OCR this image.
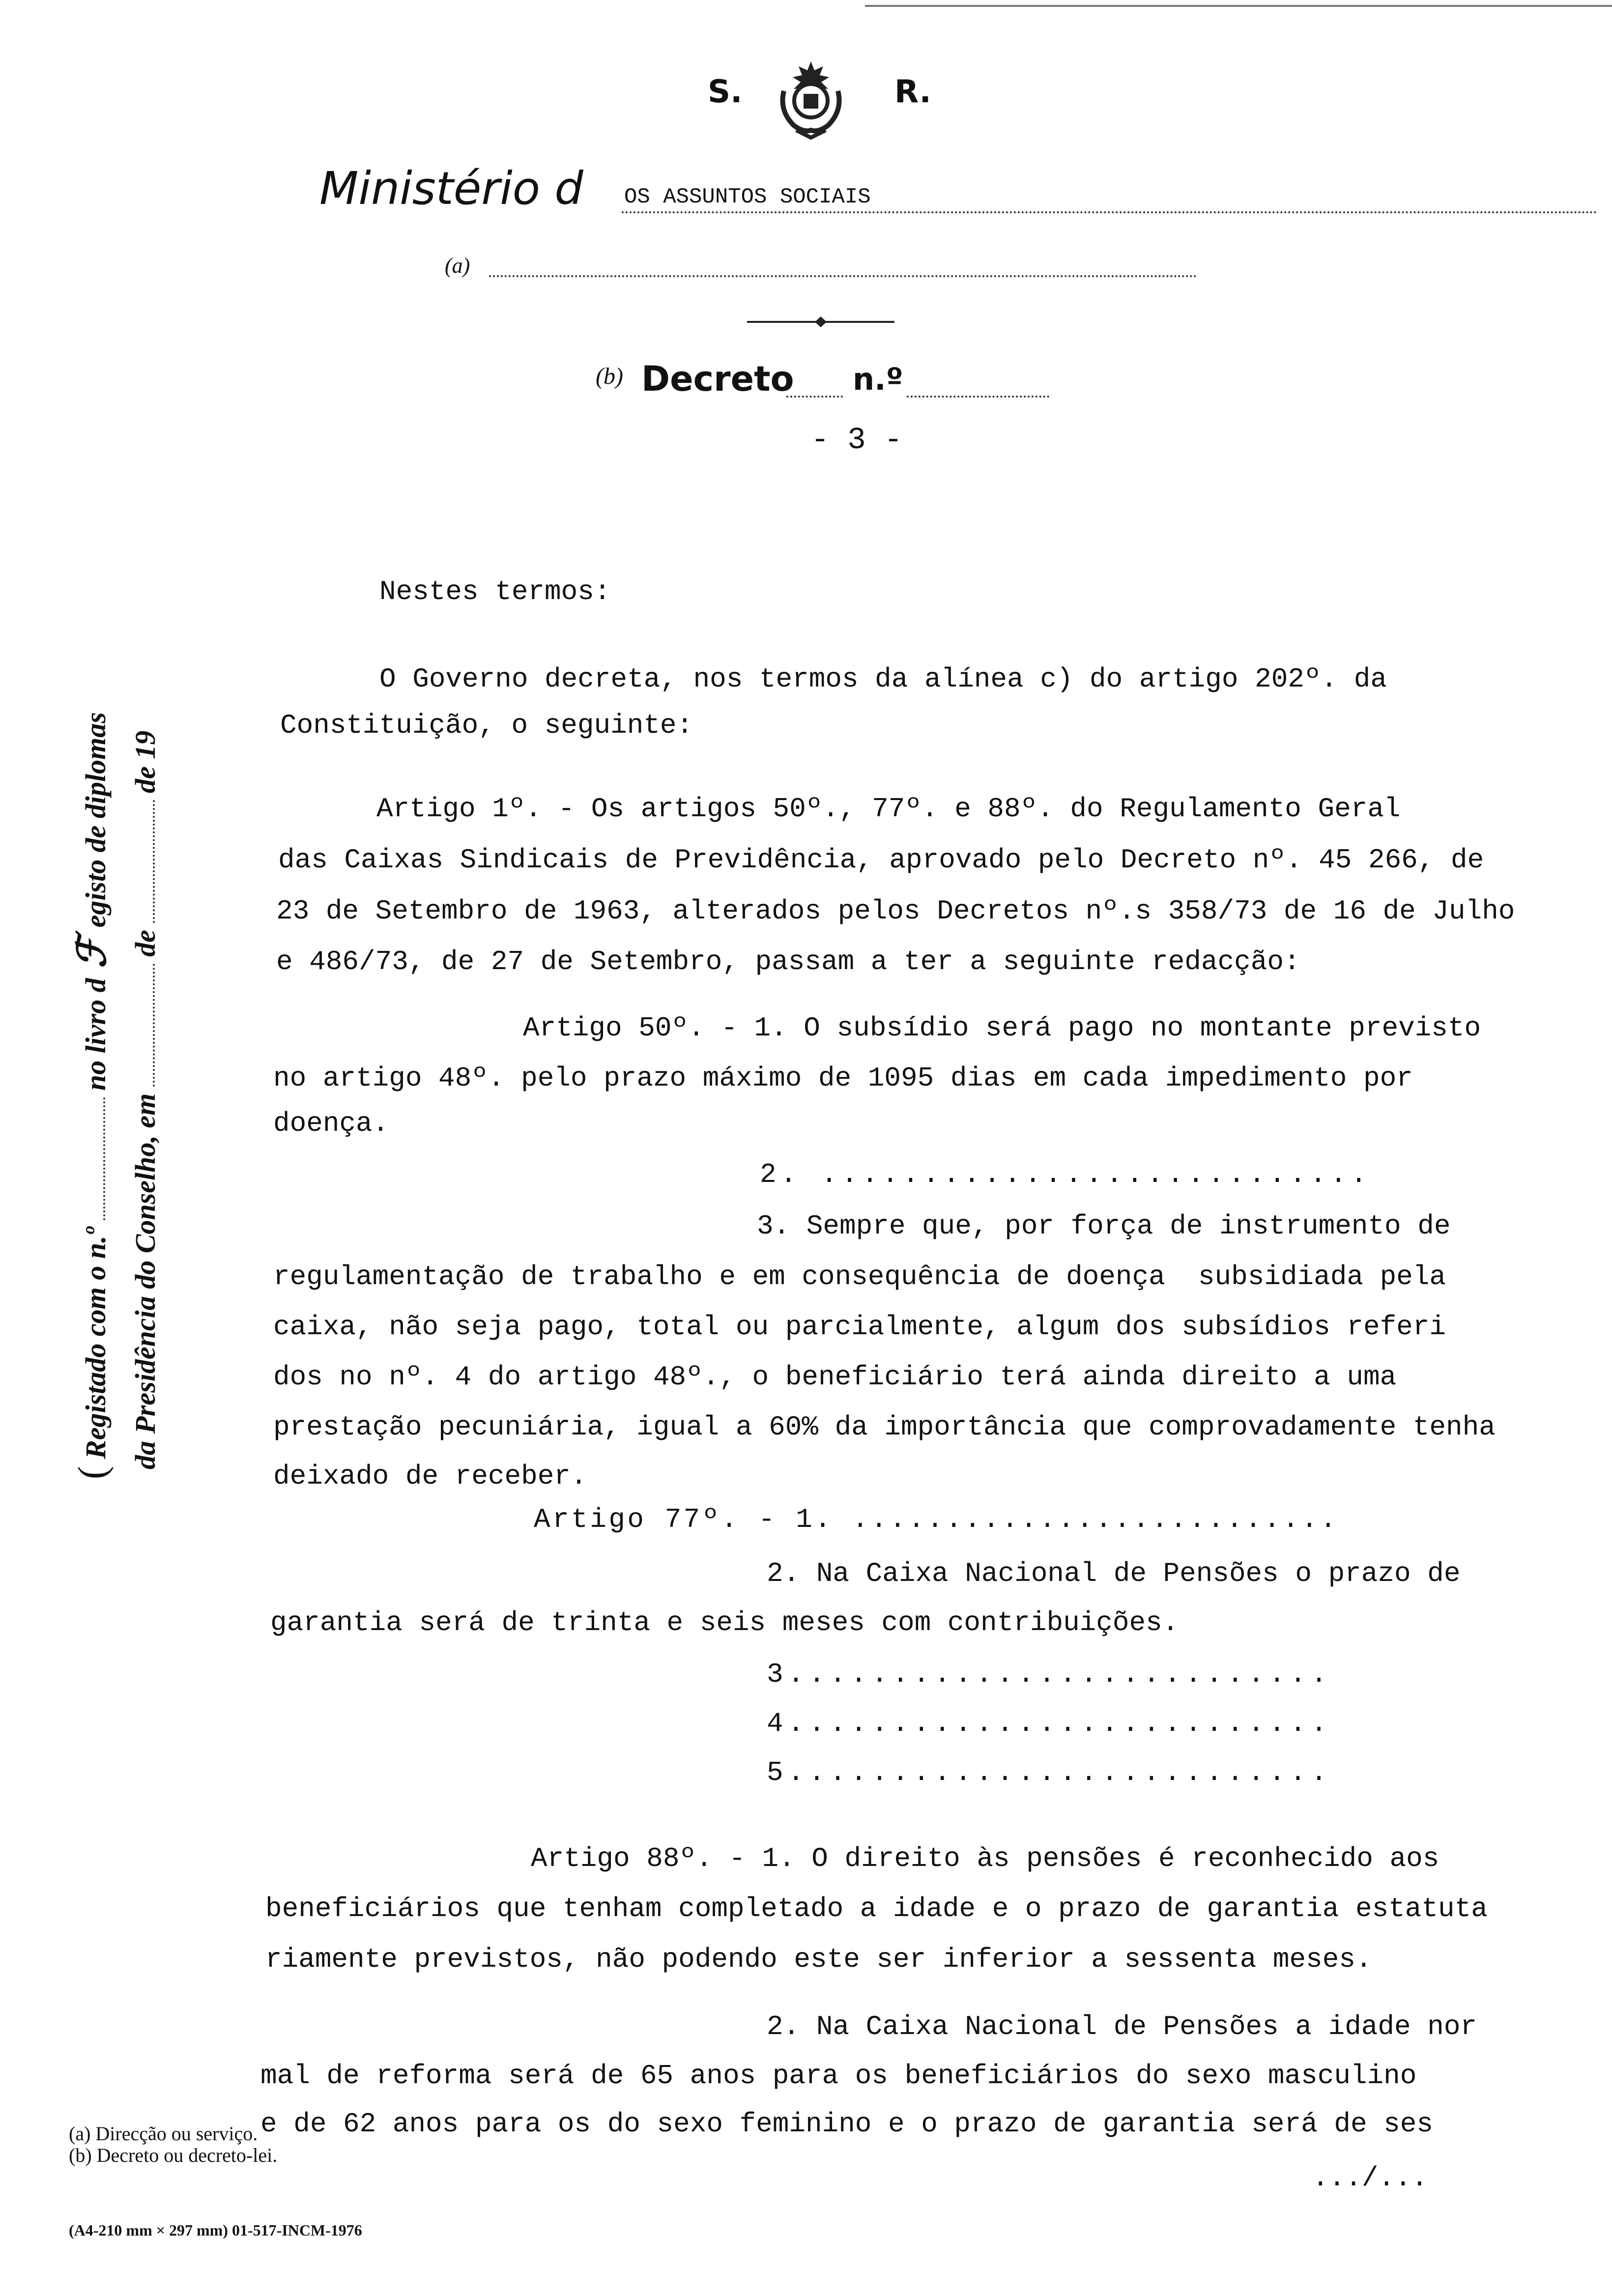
S.	R.
Ministério d OS ASSUNTOS SOCIAIS
(a)
(b) Decreto n.º
- 3 -
( Registado com o n.ºno livro d ℱ egisto de diplomas
da Presidência do Conselho, emdede 19
Nestes termos:
O Governo decreta, nos termos da alínea c) do artigo 202º. da
Constituição, o seguinte:
Artigo 1º. - Os artigos 50º., 77º. e 88º. do Regulamento Geral
das Caixas Sindicais de Previdência, aprovado pelo Decreto nº. 45 266, de
23 de Setembro de 1963, alterados pelos Decretos nº.s 358/73 de 16 de Julho
e 486/73, de 27 de Setembro, passam a ter a seguinte redacção:
Artigo 50º. - 1. O subsídio será pago no montante previsto
no artigo 48º. pelo prazo máximo de 1095 dias em cada impedimento por
doença.
2. ...........................
3. Sempre que, por força de instrumento de
regulamentação de trabalho e em consequência de doença  subsidiada pela
caixa, não seja pago, total ou parcialmente, algum dos subsídios referi
dos no nº. 4 do artigo 48º., o beneficiário terá ainda direito a uma
prestação pecuniária, igual a 60% da importância que comprovadamente tenha
deixado de receber.
Artigo 77º. - 1. ..........................
2. Na Caixa Nacional de Pensões o prazo de
garantia será de trinta e seis meses com contribuições.
3..........................
4..........................
5..........................
Artigo 88º. - 1. O direito às pensões é reconhecido aos
beneficiários que tenham completado a idade e o prazo de garantia estatuta
riamente previstos, não podendo este ser inferior a sessenta meses.
2. Na Caixa Nacional de Pensões a idade nor
mal de reforma será de 65 anos para os beneficiários do sexo masculino
e de 62 anos para os do sexo feminino e o prazo de garantia será de ses
.../...
(a) Direcção ou serviço.
(b) Decreto ou decreto-lei.
(A4-210 mm × 297 mm) 01-517-INCM-1976
